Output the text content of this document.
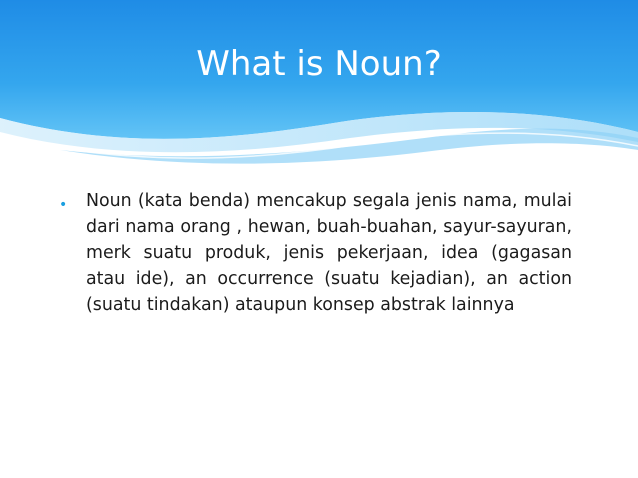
What is Noun?
• Noun (kata benda) mencakup segala jenis nama, mulai dari nama orang , hewan, buah-buahan, sayur-sayuran, merk suatu produk, jenis pekerjaan, idea (gagasan atau ide), an occurrence (suatu kejadian), an action (suatu tindakan) ataupun konsep abstrak lainnya
